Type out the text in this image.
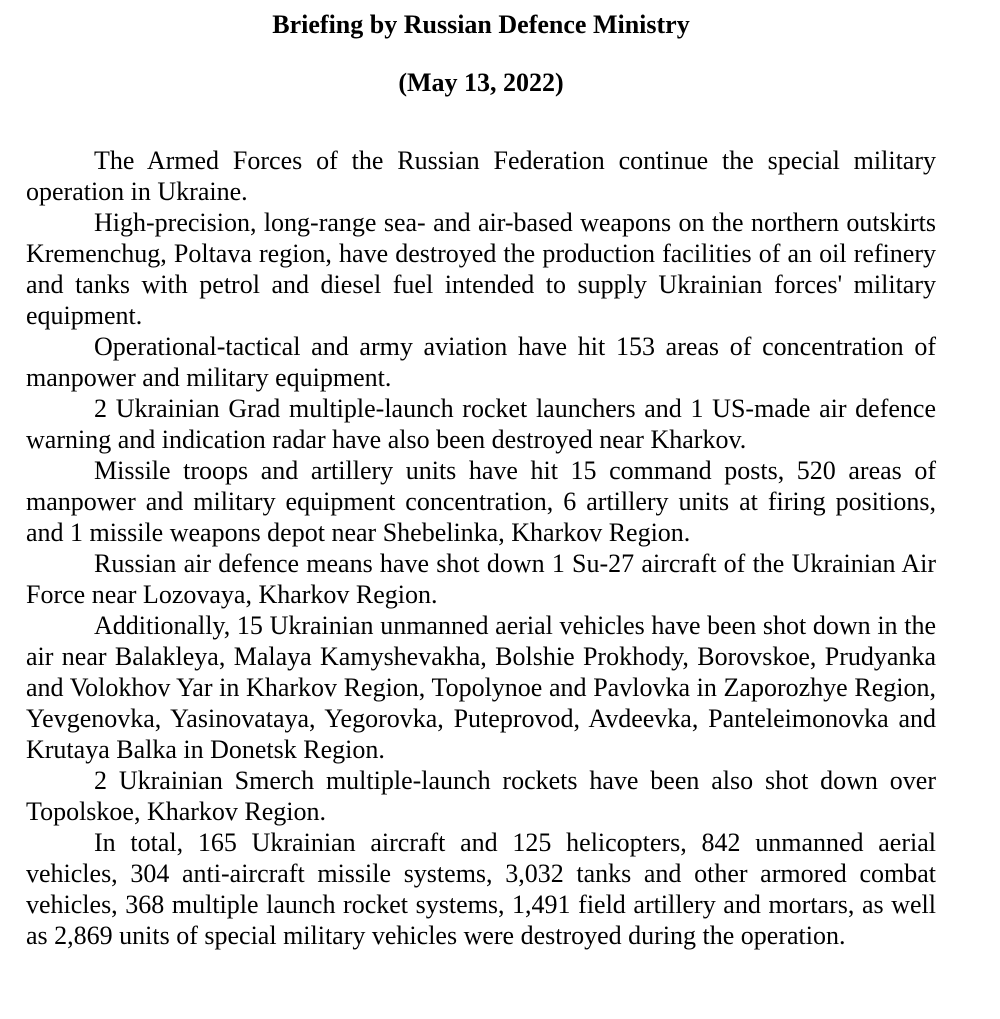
Briefing by Russian Defence Ministry

(May 13, 2022)

The Armed Forces of the Russian Federation continue the special military operation in Ukraine.

High-precision, long-range sea- and air-based weapons on the northern outskirts Kremenchug, Poltava region, have destroyed the production facilities of an oil refinery and tanks with petrol and diesel fuel intended to supply Ukrainian forces' military equipment.

Operational-tactical and army aviation have hit 153 areas of concentration of manpower and military equipment.

2 Ukrainian Grad multiple-launch rocket launchers and 1 US-made air defence warning and indication radar have also been destroyed near Kharkov.

Missile troops and artillery units have hit 15 command posts, 520 areas of manpower and military equipment concentration, 6 artillery units at firing positions, and 1 missile weapons depot near Shebelinka, Kharkov Region.

Russian air defence means have shot down 1 Su-27 aircraft of the Ukrainian Air Force near Lozovaya, Kharkov Region.

Additionally, 15 Ukrainian unmanned aerial vehicles have been shot down in the air near Balakleya, Malaya Kamyshevakha, Bolshie Prokhody, Borovskoe, Prudyanka and Volokhov Yar in Kharkov Region, Topolynoe and Pavlovka in Zaporozhye Region, Yevgenovka, Yasinovataya, Yegorovka, Puteprovod, Avdeevka, Panteleimonovka and Krutaya Balka in Donetsk Region.

2 Ukrainian Smerch multiple-launch rockets have been also shot down over Topolskoe, Kharkov Region.

In total, 165 Ukrainian aircraft and 125 helicopters, 842 unmanned aerial vehicles, 304 anti-aircraft missile systems, 3,032 tanks and other armored combat vehicles, 368 multiple launch rocket systems, 1,491 field artillery and mortars, as well as 2,869 units of special military vehicles were destroyed during the operation.
